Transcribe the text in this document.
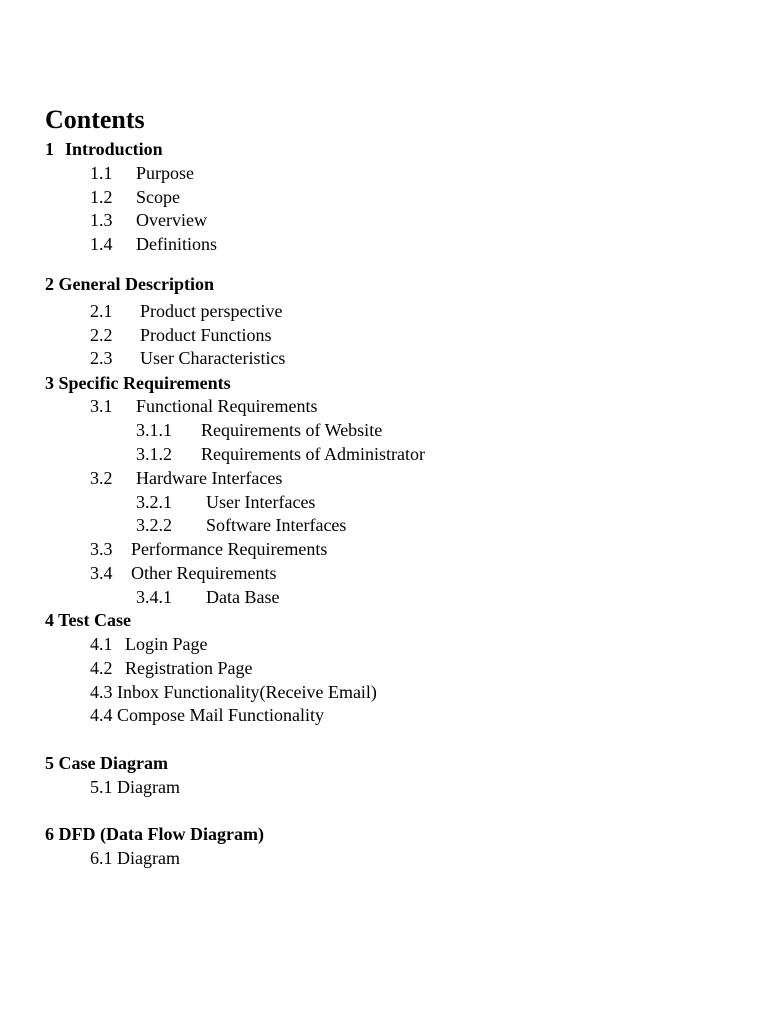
Contents
1 Introduction
1.1 Purpose
1.2 Scope
1.3 Overview
1.4 Definitions
2 General Description
2.1 Product perspective
2.2 Product Functions
2.3 User Characteristics
3 Specific Requirements
3.1 Functional Requirements
3.1.1 Requirements of Website
3.1.2 Requirements of Administrator
3.2 Hardware Interfaces
3.2.1 User Interfaces
3.2.2 Software Interfaces
3.3 Performance Requirements
3.4 Other Requirements
3.4.1 Data Base
4 Test Case
4.1 Login Page
4.2 Registration Page
4.3 Inbox Functionality(Receive Email)
4.4 Compose Mail Functionality
5 Case Diagram
5.1 Diagram
6 DFD (Data Flow Diagram)
6.1 Diagram
